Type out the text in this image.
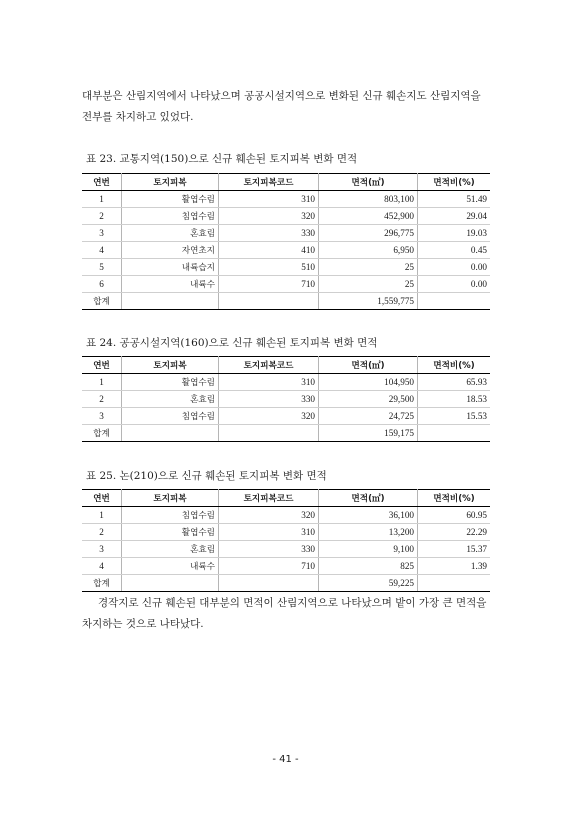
대부분은 산림지역에서 나타났으며 공공시설지역으로 변화된 신규 훼손지도 산림지역을 전부를 차지하고 있었다.

표 23. 교통지역(150)으로 신규 훼손된 토지피복 변화 면적

연번	토지피복	토지피복코드	면적(㎡)	면적비(%)
1	활엽수림	310	803,100	51.49
2	침엽수림	320	452,900	29.04
3	혼효림	330	296,775	19.03
4	자연초지	410	6,950	0.45
5	내륙습지	510	25	0.00
6	내륙수	710	25	0.00
합계			1,559,775	

표 24. 공공시설지역(160)으로 신규 훼손된 토지피복 변화 면적

연번	토지피복	토지피복코드	면적(㎡)	면적비(%)
1	활엽수림	310	104,950	65.93
2	혼효림	330	29,500	18.53
3	침엽수림	320	24,725	15.53
합계			159,175	

표 25. 논(210)으로 신규 훼손된 토지피복 변화 면적

연번	토지피복	토지피복코드	면적(㎡)	면적비(%)
1	침엽수림	320	36,100	60.95
2	활엽수림	310	13,200	22.29
3	혼효림	330	9,100	15.37
4	내륙수	710	825	1.39
합계			59,225	

경작지로 신규 훼손된 대부분의 면적이 산림지역으로 나타났으며 밭이 가장 큰 면적을 차지하는 것으로 나타났다.

- 41 -
